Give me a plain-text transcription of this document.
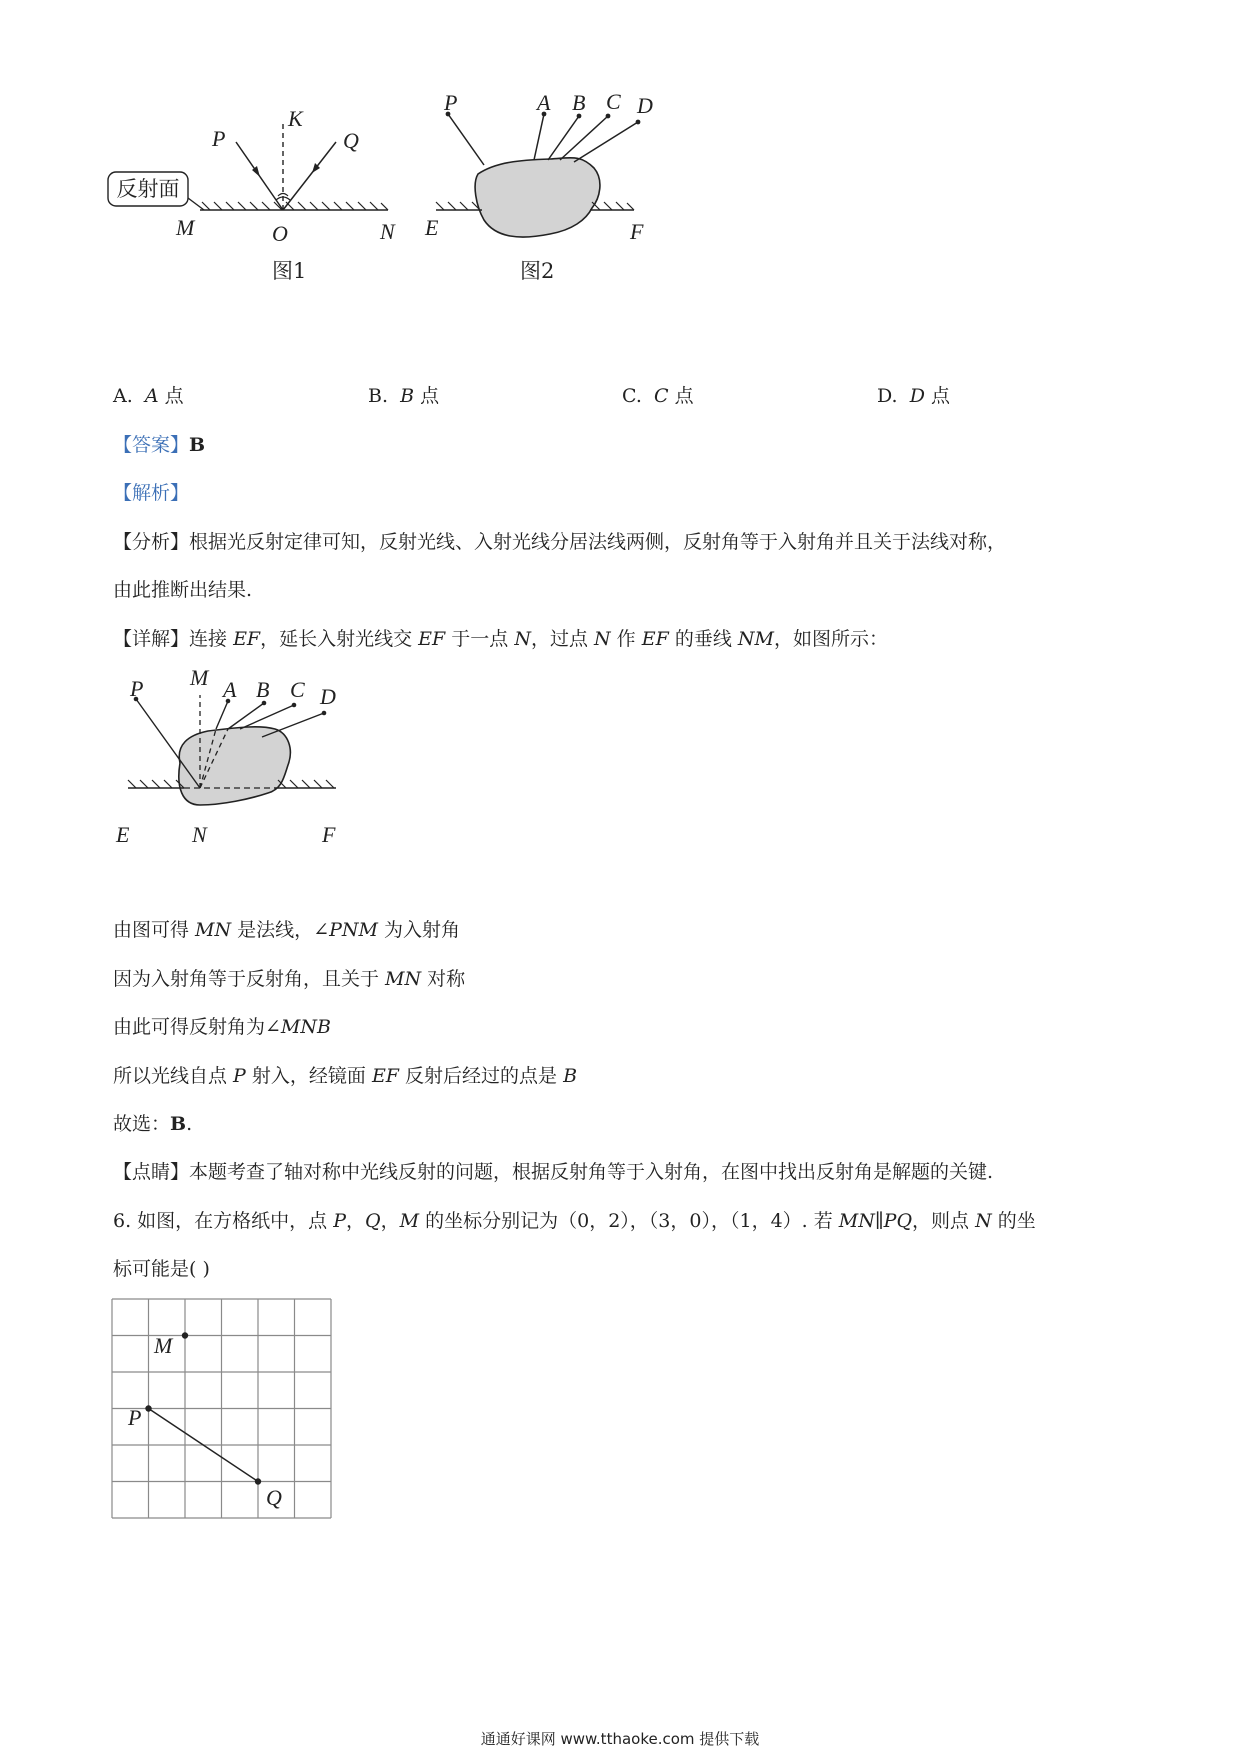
反射面
P
K
Q
M	O	N
图1
P	A B C D
E	F
图2
A. A 点	B. B 点	C. C 点	D. D 点
【答案】B
【解析】
【分析】根据光反射定律可知，反射光线、入射光线分居法线两侧，反射角等于入射角并且关于法线对称，
由此推断出结果.
【详解】连接 EF，延长入射光线交 EF 于一点 N，过点 N 作 EF 的垂线 NM，如图所示：
P M A B C D
E	N	F
由图可得 MN 是法线，∠PNM 为入射角
因为入射角等于反射角，且关于 MN 对称
由此可得反射角为∠MNB
所以光线自点 P 射入，经镜面 EF 反射后经过的点是 B
故选：B.
【点睛】本题考查了轴对称中光线反射的问题，根据反射角等于入射角，在图中找出反射角是解题的关键.
6. 如图，在方格纸中，点 P，Q，M 的坐标分别记为（0，2），（3，0），（1，4）. 若 MN∥PQ，则点 N 的坐
标可能是( )
M
P
Q
通通好课网 www.tthaoke.com 提供下载
